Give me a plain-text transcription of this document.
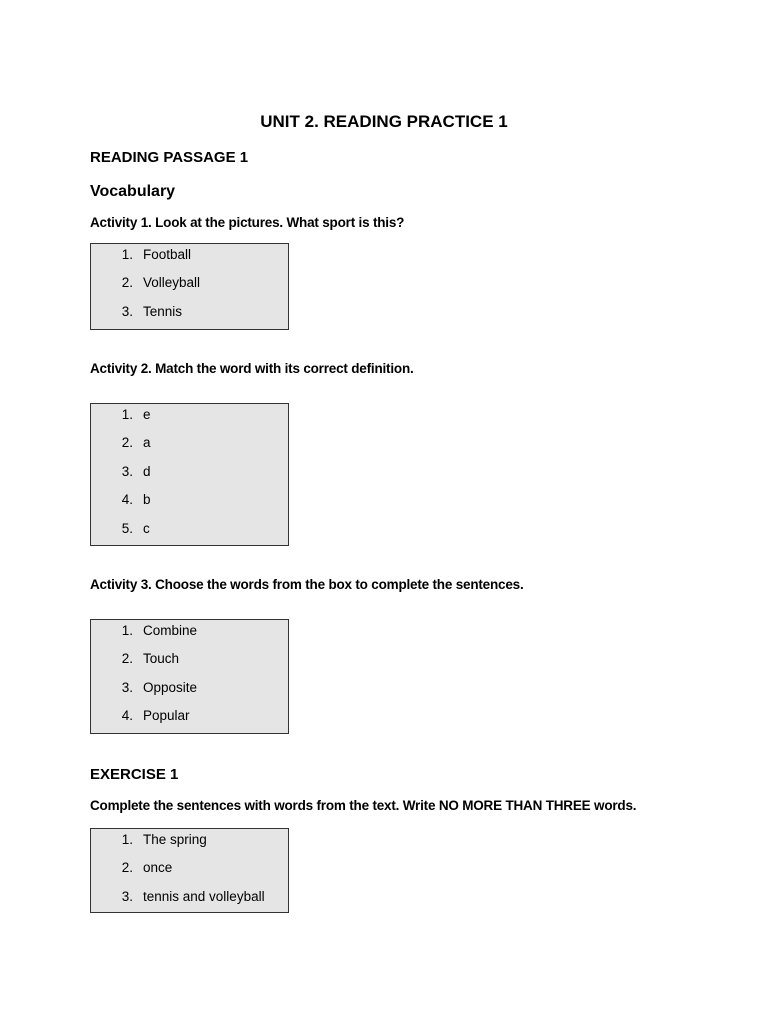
UNIT 2. READING PRACTICE 1
READING PASSAGE 1
Vocabulary
Activity 1. Look at the pictures. What sport is this?
1. Football
2. Volleyball
3. Tennis
Activity 2. Match the word with its correct definition.
1. e
2. a
3. d
4. b
5. c
Activity 3. Choose the words from the box to complete the sentences.
1. Combine
2. Touch
3. Opposite
4. Popular
EXERCISE 1
Complete the sentences with words from the text. Write NO MORE THAN THREE words.
1. The spring
2. once
3. tennis and volleyball
